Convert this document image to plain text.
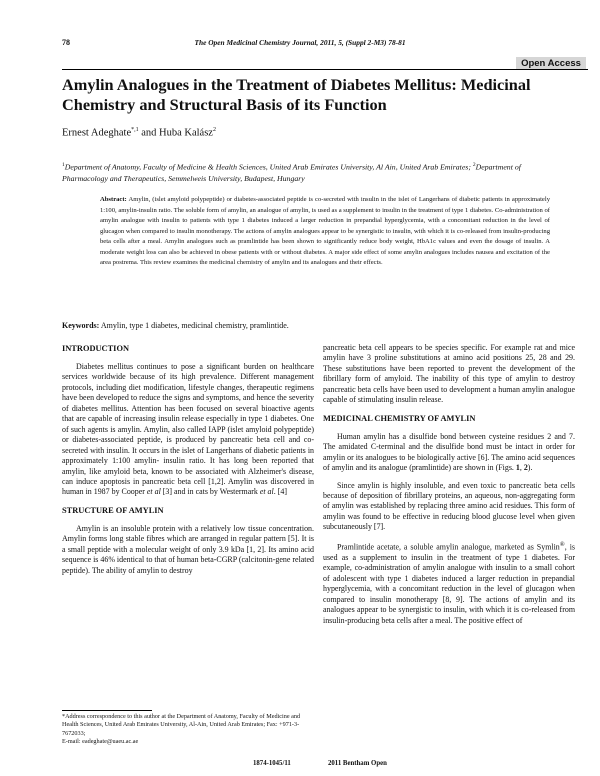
78	The Open Medicinal Chemistry Journal, 2011, 5, (Suppl 2-M3) 78-81
Open Access
Amylin Analogues in the Treatment of Diabetes Mellitus: Medicinal Chemistry and Structural Basis of its Function
Ernest Adeghate$^{*,1}$ and Huba Kalász$^2$
$^1$Department of Anatomy, Faculty of Medicine & Health Sciences, United Arab Emirates University, Al Ain, United Arab Emirates; $^2$Department of Pharmacology and Therapeutics, Semmelweis University, Budapest, Hungary
Abstract: Amylin, (islet amyloid polypeptide) or diabetes-associated peptide is co-secreted with insulin in the islet of Langerhans of diabetic patients in approximately 1:100, amylin-insulin ratio. The soluble form of amylin, an analogue of amylin, is used as a supplement to insulin in the treatment of type 1 diabetes. Co-administration of amylin analogue with insulin to patients with type 1 diabetes induced a larger reduction in prepandial hyperglycemia, with a concomitant reduction in the level of glucagon when compared to insulin monotherapy. The actions of amylin analogues appear to be synergistic to insulin, with which it is co-released from insulin-producing beta cells after a meal. Amylin analogues such as pramlintide has been shown to significantly reduce body weight, HbA1c values and even the dosage of insulin. A moderate weight loss can also be achieved in obese patients with or without diabetes. A major side effect of some amylin analogues includes nausea and excitation of the area postrema. This review examines the medicinal chemistry of amylin and its analogues and their effects.
Keywords: Amylin, type 1 diabetes, medicinal chemistry, pramlintide.
INTRODUCTION

Diabetes mellitus continues to pose a significant burden on healthcare services worldwide because of its high prevalence. Different management protocols, including diet modification, lifestyle changes, therapeutic regimens have been developed to reduce the signs and symptoms, and hence the severity of diabetes mellitus. Attention has been focused on several bioactive agents that are capable of increasing insulin release especially in type 1 diabetes. One of such agents is amylin. Amylin, also called IAPP (islet amyloid polypeptide) or diabetes-associated peptide, is produced by pancreatic beta cell and co-secreted with insulin. It occurs in the islet of Langerhans of diabetic patients in approximately 1:100 amylin- insulin ratio. It has long been reported that amylin, like amyloid beta, known to be associated with Alzheimer's disease, can induce apoptosis in pancreatic beta cell [1,2]. Amylin was discovered in human in 1987 by Cooper et al [3] and in cats by Westermark et al. [4]

STRUCTURE OF AMYLIN

Amylin is an insoluble protein with a relatively low tissue concentration. Amylin forms long stable fibres which are arranged in regular pattern [5]. It is a small peptide with a molecular weight of only 3.9 kDa [1, 2]. Its amino acid sequence is 46% identical to that of human beta-CGRP (calcitonin-gene related peptide). The ability of amylin to destroy

*Address correspondence to this author at the Department of Anatomy, Faculty of Medicine and Health Sciences, United Arab Emirates University, Al-Ain, United Arab Emirates; Fax: +971-3-7672033;
E-mail: eadeghate@uaeu.ac.ae

pancreatic beta cell appears to be species specific. For example rat and mice amylin have 3 proline substitutions at amino acid positions 25, 28 and 29. These substitutions have been reported to prevent the development of the fibrillary form of amyloid. The inability of this type of amylin to destroy pancreatic beta cells have been used to development a human amylin analogue capable of stimulating insulin release.

MEDICINAL CHEMISTRY OF AMYLIN

Human amylin has a disulfide bond between cysteine residues 2 and 7. The amidated C-terminal and the disulfide bond must be intact in order for amylin or its analogues to be biologically active [6]. The amino acid sequences of amylin and its analogue (pramlintide) are shown in (Figs. 1, 2).

Since amylin is highly insoluble, and even toxic to pancreatic beta cells because of deposition of fibrillary proteins, an aqueous, non-aggregating form of amylin was established by replacing three amino acid residues. This form of amylin was found to be effective in reducing blood glucose level when given subcutaneously [7].

Pramlintide acetate, a soluble amylin analogue, marketed as Symlin®, is used as a supplement to insulin in the treatment of type 1 diabetes. For example, co-administration of amylin analogue with insulin to a small cohort of adolescent with type 1 diabetes induced a larger reduction in prepandial hyperglycemia, with a concomitant reduction in the level of glucagon when compared to insulin monotherapy [8, 9]. The actions of amylin and its analogues appear to be synergistic to insulin, with which it is co-released from insulin-producing beta cells after a meal. The positive effect of

1874-1045/11	2011 Bentham Open
